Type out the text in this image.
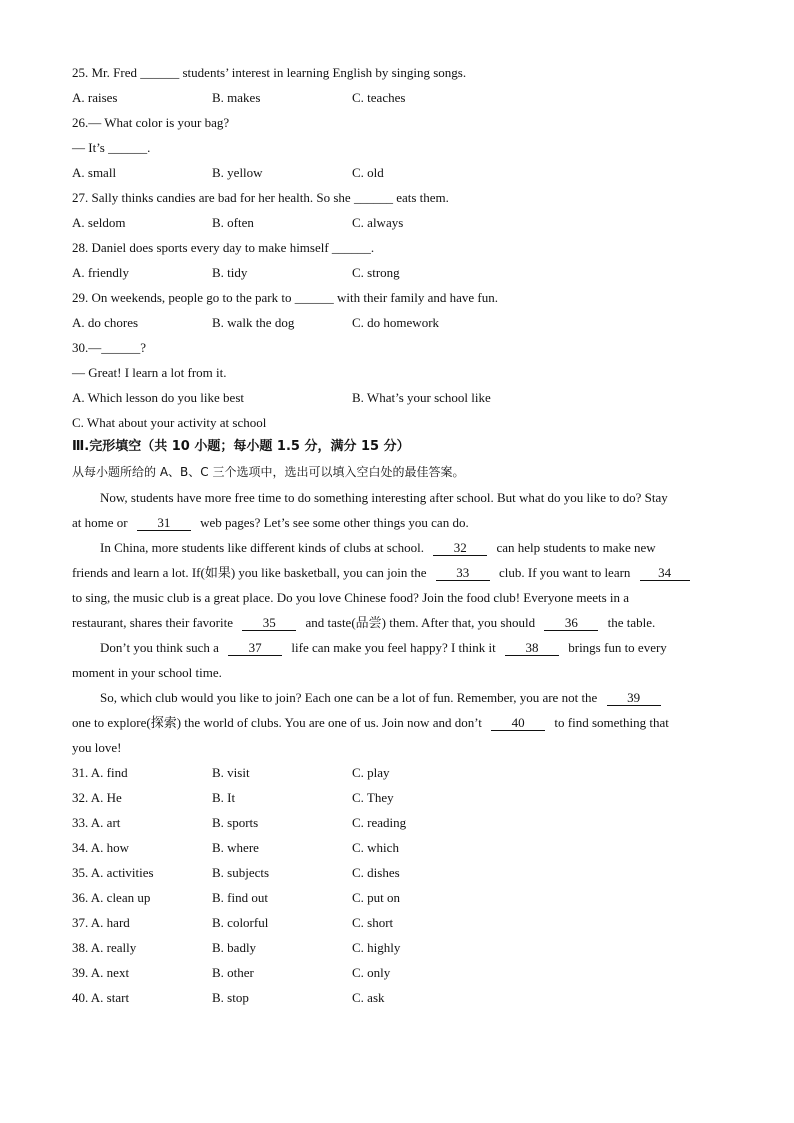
25. Mr. Fred ______ students’ interest in learning English by singing songs.
A. raises	B. makes	C. teaches
26.— What color is your bag?
— It’s ______.
A. small	B. yellow	C. old
27. Sally thinks candies are bad for her health. So she ______ eats them.
A. seldom	B. often	C. always
28. Daniel does sports every day to make himself ______.
A. friendly	B. tidy	C. strong
29. On weekends, people go to the park to ______ with their family and have fun.
A. do chores	B. walk the dog	C. do homework
30.—______?
— Great! I learn a lot from it.
A. Which lesson do you like best	B. What’s your school like
C. What about your activity at school
Ⅲ.完形填空（共 10 小题；每小题 1.5 分，满分 15 分）
从每小题所给的 A、B、C 三个选项中，选出可以填入空白处的最佳答案。
Now, students have more free time to do something interesting after school. But what do you like to do? Stay
at home or 31 web pages? Let’s see some other things you can do.
In China, more students like different kinds of clubs at school. 32 can help students to make new
friends and learn a lot. If(如果) you like basketball, you can join the 33 club. If you want to learn 34
to sing, the music club is a great place. Do you love Chinese food? Join the food club! Everyone meets in a
restaurant, shares their favorite 35 and taste(品尝) them. After that, you should 36 the table.
Don’t you think such a 37 life can make you feel happy? I think it 38 brings fun to every
moment in your school time.
So, which club would you like to join? Each one can be a lot of fun. Remember, you are not the 39
one to explore(探索) the world of clubs. You are one of us. Join now and don’t 40 to find something that
you love!
31. A. find	B. visit	C. play
32. A. He	B. It	C. They
33. A. art	B. sports	C. reading
34. A. how	B. where	C. which
35. A. activities	B. subjects	C. dishes
36. A. clean up	B. find out	C. put on
37. A. hard	B. colorful	C. short
38. A. really	B. badly	C. highly
39. A. next	B. other	C. only
40. A. start	B. stop	C. ask
